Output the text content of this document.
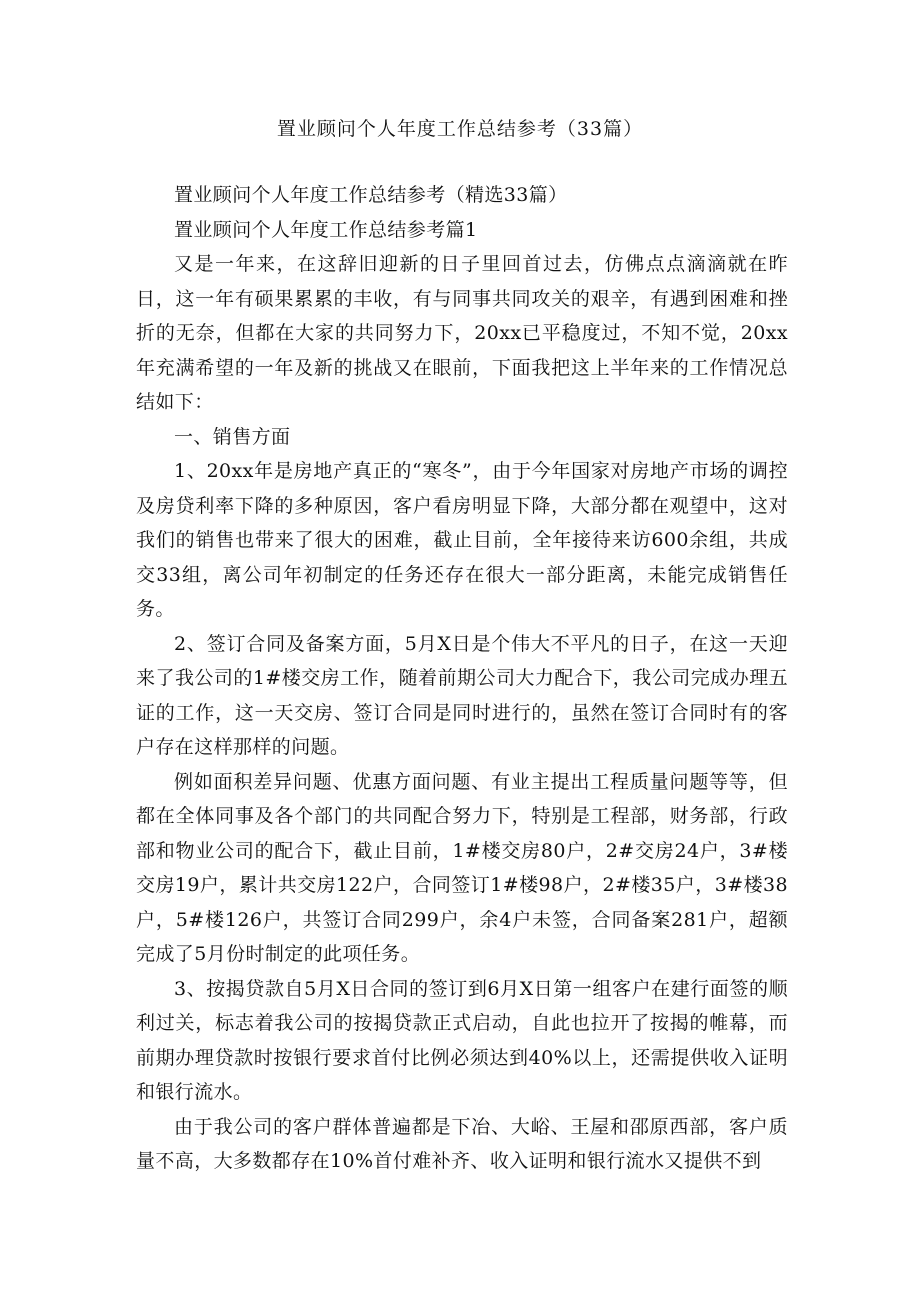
置业顾问个人年度工作总结参考（33篇）

置业顾问个人年度工作总结参考（精选33篇）

置业顾问个人年度工作总结参考篇1

又是一年来，在这辞旧迎新的日子里回首过去，仿佛点点滴滴就在昨日，这一年有硕果累累的丰收，有与同事共同攻关的艰辛，有遇到困难和挫折的无奈，但都在大家的共同努力下，20xx已平稳度过，不知不觉，20xx年充满希望的一年及新的挑战又在眼前，下面我把这上半年来的工作情况总结如下：

一、销售方面

1、20xx年是房地产真正的“寒冬”，由于今年国家对房地产市场的调控及房贷利率下降的多种原因，客户看房明显下降，大部分都在观望中，这对我们的销售也带来了很大的困难，截止目前，全年接待来访600余组，共成交33组，离公司年初制定的任务还存在很大一部分距离，未能完成销售任务。

2、签订合同及备案方面，5月X日是个伟大不平凡的日子，在这一天迎来了我公司的1#楼交房工作，随着前期公司大力配合下，我公司完成办理五证的工作，这一天交房、签订合同是同时进行的，虽然在签订合同时有的客户存在这样那样的问题。

例如面积差异问题、优惠方面问题、有业主提出工程质量问题等等，但都在全体同事及各个部门的共同配合努力下，特别是工程部，财务部，行政部和物业公司的配合下，截止目前，1#楼交房80户，2#交房24户，3#楼交房19户，累计共交房122户，合同签订1#楼98户，2#楼35户，3#楼38户，5#楼126户，共签订合同299户，余4户未签，合同备案281户，超额完成了5月份时制定的此项任务。

3、按揭贷款自5月X日合同的签订到6月X日第一组客户在建行面签的顺利过关，标志着我公司的按揭贷款正式启动，自此也拉开了按揭的帷幕，而前期办理贷款时按银行要求首付比例必须达到40%以上，还需提供收入证明和银行流水。

由于我公司的客户群体普遍都是下冶、大峪、王屋和邵原西部，客户质量不高，大多数都存在10%首付难补齐、收入证明和银行流水又提供不到
